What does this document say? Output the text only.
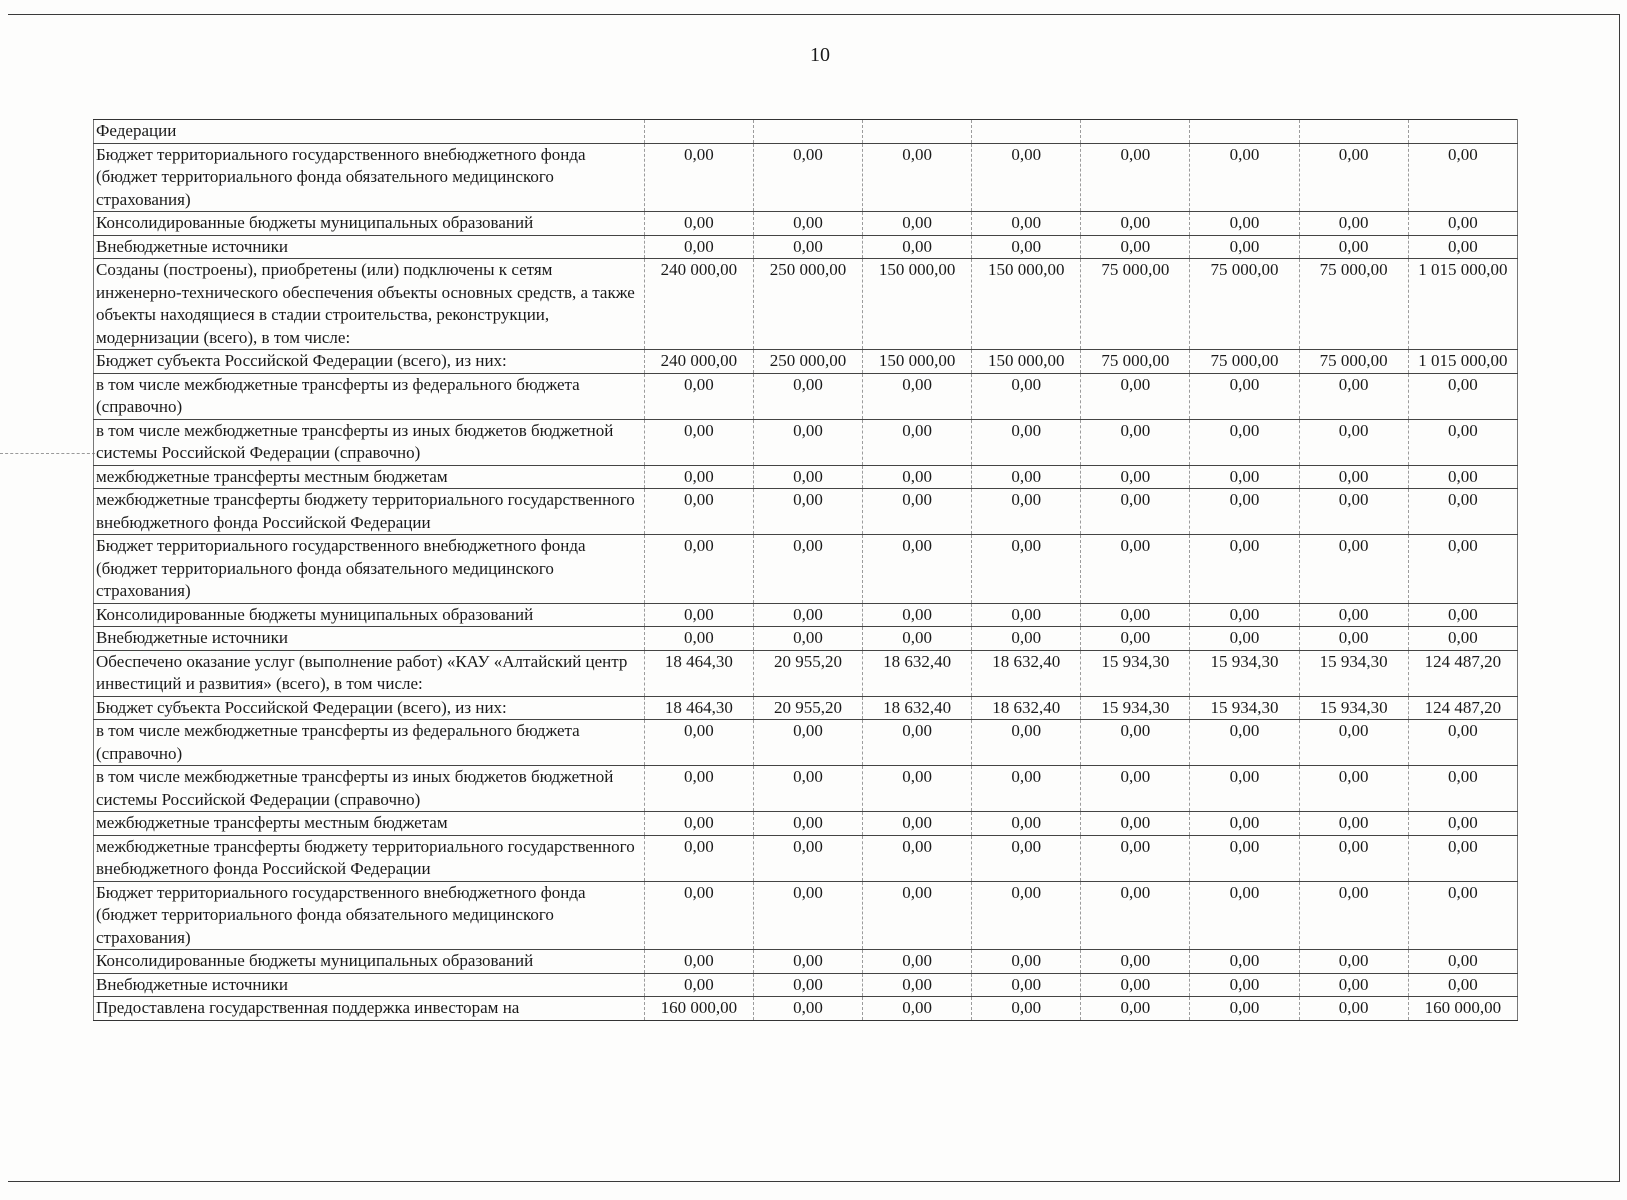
10
Федерации								
Бюджет территориального государственного внебюджетного фонда (бюджет территориального фонда обязательного медицинского страхования)	0,00	0,00	0,00	0,00	0,00	0,00	0,00	0,00
Консолидированные бюджеты муниципальных образований	0,00	0,00	0,00	0,00	0,00	0,00	0,00	0,00
Внебюджетные источники	0,00	0,00	0,00	0,00	0,00	0,00	0,00	0,00
Созданы (построены), приобретены (или) подключены к сетям инженерно-технического обеспечения объекты основных средств, а также объекты находящиеся в стадии строительства, реконструкции, модернизации (всего), в том числе:	240 000,00	250 000,00	150 000,00	150 000,00	75 000,00	75 000,00	75 000,00	1 015 000,00
Бюджет субъекта Российской Федерации (всего), из них:	240 000,00	250 000,00	150 000,00	150 000,00	75 000,00	75 000,00	75 000,00	1 015 000,00
в том числе межбюджетные трансферты из федерального бюджета (справочно)	0,00	0,00	0,00	0,00	0,00	0,00	0,00	0,00
в том числе межбюджетные трансферты из иных бюджетов бюджетной системы Российской Федерации (справочно)	0,00	0,00	0,00	0,00	0,00	0,00	0,00	0,00
межбюджетные трансферты местным бюджетам	0,00	0,00	0,00	0,00	0,00	0,00	0,00	0,00
межбюджетные трансферты бюджету территориального государственного внебюджетного фонда Российской Федерации	0,00	0,00	0,00	0,00	0,00	0,00	0,00	0,00
Бюджет территориального государственного внебюджетного фонда (бюджет территориального фонда обязательного медицинского страхования)	0,00	0,00	0,00	0,00	0,00	0,00	0,00	0,00
Консолидированные бюджеты муниципальных образований	0,00	0,00	0,00	0,00	0,00	0,00	0,00	0,00
Внебюджетные источники	0,00	0,00	0,00	0,00	0,00	0,00	0,00	0,00
Обеспечено оказание услуг (выполнение работ) «КАУ «Алтайский центр инвестиций и развития» (всего), в том числе:	18 464,30	20 955,20	18 632,40	18 632,40	15 934,30	15 934,30	15 934,30	124 487,20
Бюджет субъекта Российской Федерации (всего), из них:	18 464,30	20 955,20	18 632,40	18 632,40	15 934,30	15 934,30	15 934,30	124 487,20
в том числе межбюджетные трансферты из федерального бюджета (справочно)	0,00	0,00	0,00	0,00	0,00	0,00	0,00	0,00
в том числе межбюджетные трансферты из иных бюджетов бюджетной системы Российской Федерации (справочно)	0,00	0,00	0,00	0,00	0,00	0,00	0,00	0,00
межбюджетные трансферты местным бюджетам	0,00	0,00	0,00	0,00	0,00	0,00	0,00	0,00
межбюджетные трансферты бюджету территориального государственного внебюджетного фонда Российской Федерации	0,00	0,00	0,00	0,00	0,00	0,00	0,00	0,00
Бюджет территориального государственного внебюджетного фонда (бюджет территориального фонда обязательного медицинского страхования)	0,00	0,00	0,00	0,00	0,00	0,00	0,00	0,00
Консолидированные бюджеты муниципальных образований	0,00	0,00	0,00	0,00	0,00	0,00	0,00	0,00
Внебюджетные источники	0,00	0,00	0,00	0,00	0,00	0,00	0,00	0,00
Предоставлена государственная поддержка инвесторам на	160 000,00	0,00	0,00	0,00	0,00	0,00	0,00	160 000,00
